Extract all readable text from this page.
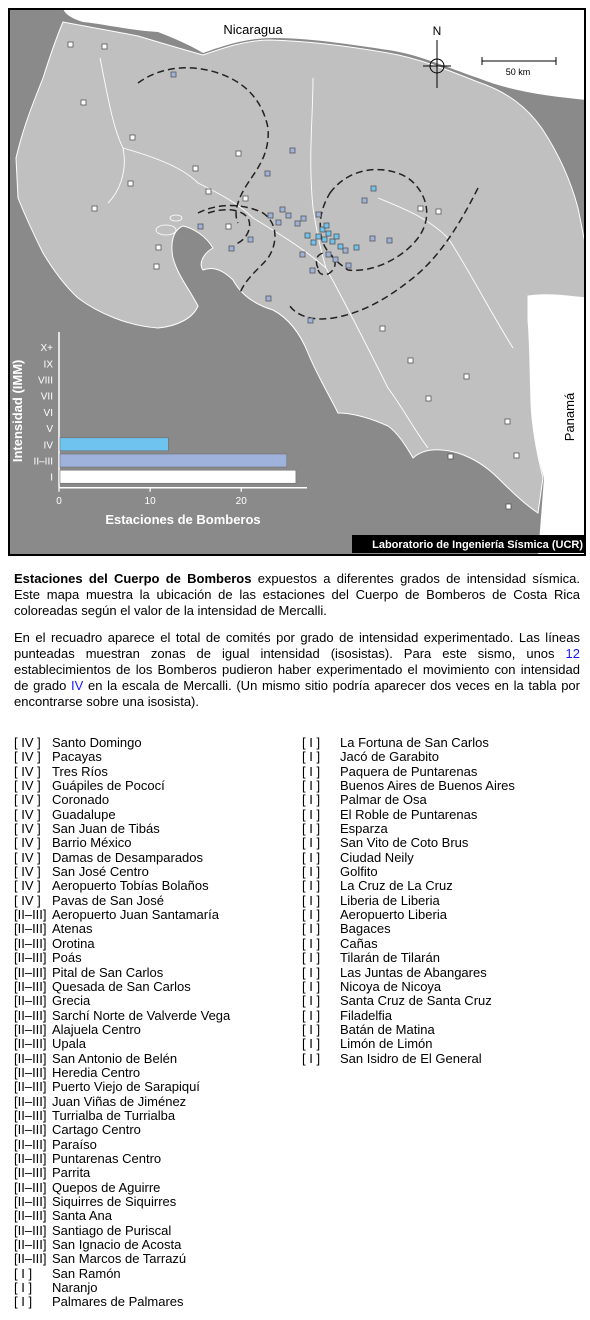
X+
IX
VIII
VII
VI
V
IV
II–III
I
0	10	20
Estaciones de Bomberos
Intensidad (IMM)
Nicaragua
Panamá
N
50 km
Laboratorio de Ingeniería Sísmica (UCR)
Estaciones del Cuerpo de Bomberos expuestos a diferentes grados de intensidad sísmica. Este mapa muestra la ubicación de las estaciones del Cuerpo de Bomberos de Costa Rica coloreadas según el valor de la intensidad de Mercalli.
En el recuadro aparece el total de comités por grado de intensidad experimentado. Las líneas punteadas muestran zonas de igual intensidad (isosistas). Para este sismo, unos 12 establecimientos de los Bomberos pudieron haber experimentado el movimiento con intensidad de grado IV en la escala de Mercalli. (Un mismo sitio podría aparecer dos veces en la tabla por encontrarse sobre una isosista).
[ IV ] Santo Domingo
[ IV ] Pacayas
[ IV ] Tres Ríos
[ IV ] Guápiles de Pococí
[ IV ] Coronado
[ IV ] Guadalupe
[ IV ] San Juan de Tibás
[ IV ] Barrio México
[ IV ] Damas de Desamparados
[ IV ] San José Centro
[ IV ] Aeropuerto Tobías Bolaños
[ IV ] Pavas de San José
[II–III] Aeropuerto Juan Santamaría
[II–III] Atenas
[II–III] Orotina
[II–III] Poás
[II–III] Pital de San Carlos
[II–III] Quesada de San Carlos
[II–III] Grecia
[II–III] Sarchí Norte de Valverde Vega
[II–III] Alajuela Centro
[II–III] Upala
[II–III] San Antonio de Belén
[II–III] Heredia Centro
[II–III] Puerto Viejo de Sarapiquí
[II–III] Juan Viñas de Jiménez
[II–III] Turrialba de Turrialba
[II–III] Cartago Centro
[II–III] Paraíso
[II–III] Puntarenas Centro
[II–III] Parrita
[II–III] Quepos de Aguirre
[II–III] Siquirres de Siquirres
[II–III] Santa Ana
[II–III] Santiago de Puriscal
[II–III] San Ignacio de Acosta
[II–III] San Marcos de Tarrazú
[ I ] San Ramón
[ I ] Naranjo
[ I ] Palmares de Palmares
[ I ] La Fortuna de San Carlos
[ I ] Jacó de Garabito
[ I ] Paquera de Puntarenas
[ I ] Buenos Aires de Buenos Aires
[ I ] Palmar de Osa
[ I ] El Roble de Puntarenas
[ I ] Esparza
[ I ] San Vito de Coto Brus
[ I ] Ciudad Neily
[ I ] Golfito
[ I ] La Cruz de La Cruz
[ I ] Liberia de Liberia
[ I ] Aeropuerto Liberia
[ I ] Bagaces
[ I ] Cañas
[ I ] Tilarán de Tilarán
[ I ] Las Juntas de Abangares
[ I ] Nicoya de Nicoya
[ I ] Santa Cruz de Santa Cruz
[ I ] Filadelfia
[ I ] Batán de Matina
[ I ] Limón de Limón
[ I ] San Isidro de El General
